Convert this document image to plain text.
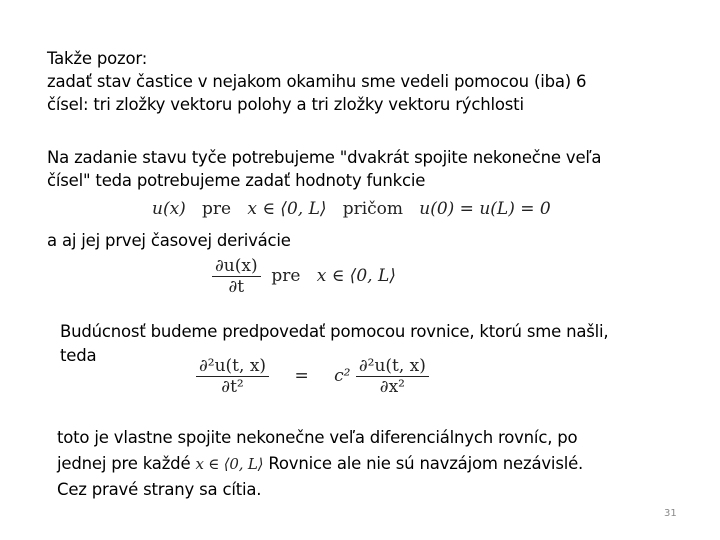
Takže pozor:
zadať stav častice v nejakom okamihu sme vedeli pomocou (iba) 6
čísel: tri zložky vektoru polohy a tri zložky vektoru rýchlosti
Na zadanie stavu tyče potrebujeme "dvakrát spojite nekonečne veľa
čísel" teda potrebujeme zadať hodnoty funkcie
u(x) pre x ∈ ⟨0, L⟩ pričom u(0) = u(L) = 0
a aj jej prvej časovej derivácie
$\frac{\partial u(x)}{\partial t}$ pre x ∈ ⟨0, L⟩
Budúcnosť budeme predpovedať pomocou rovnice, ktorú sme našli,
teda
$\frac{\text{∂²u(t, x)}}{\text{∂t²}} = c^2 \frac{\text{∂²u(t, x)}}{\text{∂x²}}$
toto je vlastne spojite nekonečne veľa diferenciálnych rovníc, po
jednej pre každé x ∈ ⟨0, L⟩ Rovnice ale nie sú navzájom nezávislé.
Cez pravé strany sa cítia.
31
